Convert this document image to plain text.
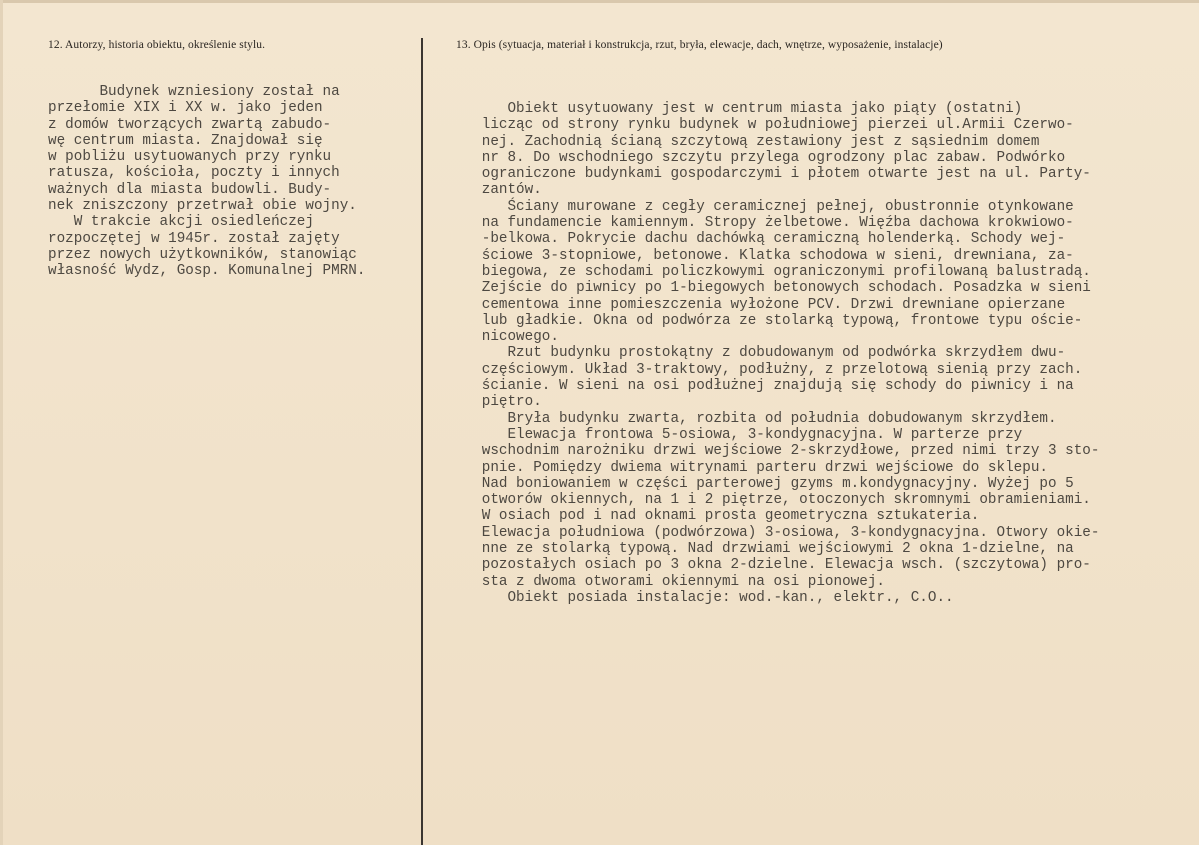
12. Autorzy, historia obiektu, określenie stylu.	13. Opis (sytuacja, materiał i konstrukcja, rzut, bryła, elewacje, dach, wnętrze, wyposażenie, instalacje)
Budynek wzniesiony został na
przełomie XIX i XX w. jako jeden
z domów tworzących zwartą zabudo-
wę centrum miasta. Znajdował się
w pobliżu usytuowanych przy rynku
ratusza, kościoła, poczty i innych
ważnych dla miasta budowli. Budy-
nek zniszczony przetrwał obie wojny.
W trakcie akcji osiedleńczej
rozpoczętej w 1945r. został zajęty
przez nowych użytkowników, stanowiąc
własność Wydz, Gosp. Komunalnej PMRN.
Obiekt usytuowany jest w centrum miasta jako piąty (ostatni)
licząc od strony rynku budynek w południowej pierzei ul.Armii Czerwo-
nej. Zachodnią ścianą szczytową zestawiony jest z sąsiednim domem
nr 8. Do wschodniego szczytu przylega ogrodzony plac zabaw. Podwórko
ograniczone budynkami gospodarczymi i płotem otwarte jest na ul. Party-
zantów.
Ściany murowane z cegły ceramicznej pełnej, obustronnie otynkowane
na fundamencie kamiennym. Stropy żelbetowe. Więźba dachowa krokwiowo-
-belkowa. Pokrycie dachu dachówką ceramiczną holenderką. Schody wej-
ściowe 3-stopniowe, betonowe. Klatka schodowa w sieni, drewniana, za-
biegowa, ze schodami policzkowymi ograniczonymi profilowaną balustradą.
Zejście do piwnicy po 1-biegowych betonowych schodach. Posadzka w sieni
cementowa inne pomieszczenia wyłożone PCV. Drzwi drewniane opierzane
lub gładkie. Okna od podwórza ze stolarką typową, frontowe typu oście-
nicowego.
Rzut budynku prostokątny z dobudowanym od podwórka skrzydłem dwu-
częściowym. Układ 3-traktowy, podłużny, z przelotową sienią przy zach.
ścianie. W sieni na osi podłużnej znajdują się schody do piwnicy i na
piętro.
Bryła budynku zwarta, rozbita od południa dobudowanym skrzydłem.
Elewacja frontowa 5-osiowa, 3-kondygnacyjna. W parterze przy
wschodnim narożniku drzwi wejściowe 2-skrzydłowe, przed nimi trzy 3 sto-
pnie. Pomiędzy dwiema witrynami parteru drzwi wejściowe do sklepu.
Nad boniowaniem w części parterowej gzyms m.kondygnacyjny. Wyżej po 5
otworów okiennych, na 1 i 2 piętrze, otoczonych skromnymi obramieniami.
W osiach pod i nad oknami prosta geometryczna sztukateria.
Elewacja południowa (podwórzowa) 3-osiowa, 3-kondygnacyjna. Otwory okie-
nne ze stolarką typową. Nad drzwiami wejściowymi 2 okna 1-dzielne, na
pozostałych osiach po 3 okna 2-dzielne. Elewacja wsch. (szczytowa) pro-
sta z dwoma otworami okiennymi na osi pionowej.
Obiekt posiada instalacje: wod.-kan., elektr., C.O..
